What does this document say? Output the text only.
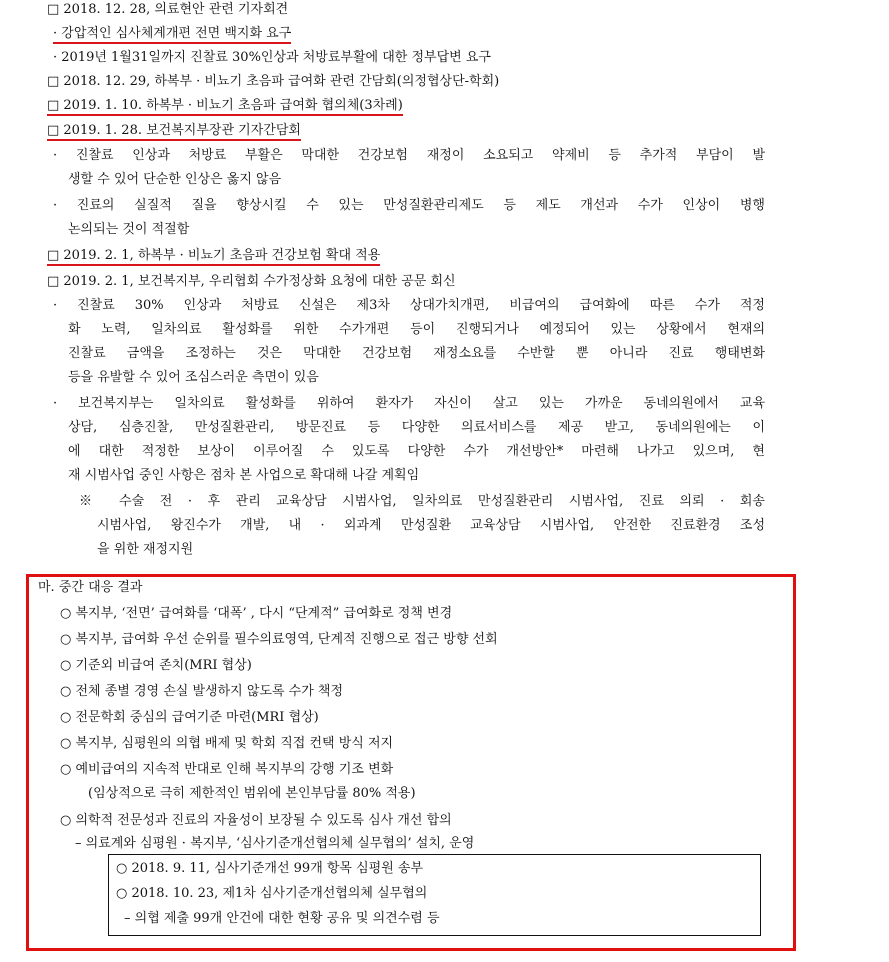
□ 2018. 12. 28, 의료현안 관련 기자회견
· 강압적인 심사체계개편 전면 백지화 요구
· 2019년 1월31일까지 진찰료 30%인상과 처방료부활에 대한 정부답변 요구
□ 2018. 12. 29, 하복부 · 비뇨기 초음파 급여화 관련 간담회(의정협상단-학회)
□ 2019. 1. 10. 하복부 · 비뇨기 초음파 급여화 협의체(3차례)
□ 2019. 1. 28. 보건복지부장관 기자간담회
· 진찰료 인상과 처방료 부활은 막대한 건강보험 재정이 소요되고 약제비 등 추가적 부담이 발
생할 수 있어 단순한 인상은 옳지 않음
· 진료의 실질적 질을 향상시킬 수 있는 만성질환관리제도 등 제도 개선과 수가 인상이 병행
논의되는 것이 적절함
□ 2019. 2. 1, 하복부 · 비뇨기 초음파 건강보험 확대 적용
□ 2019. 2. 1, 보건복지부, 우리협회 수가정상화 요청에 대한 공문 회신
· 진찰료 30% 인상과 처방료 신설은 제3차 상대가치개편, 비급여의 급여화에 따른 수가 적정
화 노력, 일차의료 활성화를 위한 수가개편 등이 진행되거나 예정되어 있는 상황에서 현재의
진찰료 금액을 조정하는 것은 막대한 건강보험 재정소요를 수반할 뿐 아니라 진료 행태변화
등을 유발할 수 있어 조심스러운 측면이 있음
· 보건복지부는 일차의료 활성화를 위하여 환자가 자신이 살고 있는 가까운 동네의원에서 교육
상담, 심층진찰, 만성질환관리, 방문진료 등 다양한 의료서비스를 제공 받고, 동네의원에는 이
에 대한 적정한 보상이 이루어질 수 있도록 다양한 수가 개선방안* 마련해 나가고 있으며, 현
재 시범사업 중인 사항은 점차 본 사업으로 확대해 나갈 계획임
※ 수술 전 · 후 관리 교육상담 시범사업, 일차의료 만성질환관리 시범사업, 진료 의뢰 · 회송
시범사업, 왕진수가 개발, 내 · 외과계 만성질환 교육상담 시범사업, 안전한 진료환경 조성
을 위한 재정지원
마. 중간 대응 결과
○ 복지부, ‘전면’ 급여화를 ‘대폭’ , 다시 “단계적” 급여화로 정책 변경
○ 복지부, 급여화 우선 순위를 필수의료영역, 단계적 진행으로 접근 방향 선회
○ 기준외 비급여 존치(MRI 협상)
○ 전체 종별 경영 손실 발생하지 않도록 수가 책정
○ 전문학회 중심의 급여기준 마련(MRI 협상)
○ 복지부, 심평원의 의협 배제 및 학회 직접 컨택 방식 저지
○ 예비급여의 지속적 반대로 인해 복지부의 강행 기조 변화
(임상적으로 극히 제한적인 범위에 본인부담률 80% 적용)
○ 의학적 전문성과 진료의 자율성이 보장될 수 있도록 심사 개선 합의
– 의료계와 심평원 · 복지부, ‘심사기준개선협의체 실무협의’ 설치, 운영
○ 2018. 9. 11, 심사기준개선 99개 항목 심평원 송부
○ 2018. 10. 23, 제1차 심사기준개선협의체 실무협의
– 의협 제출 99개 안건에 대한 현황 공유 및 의견수렴 등
